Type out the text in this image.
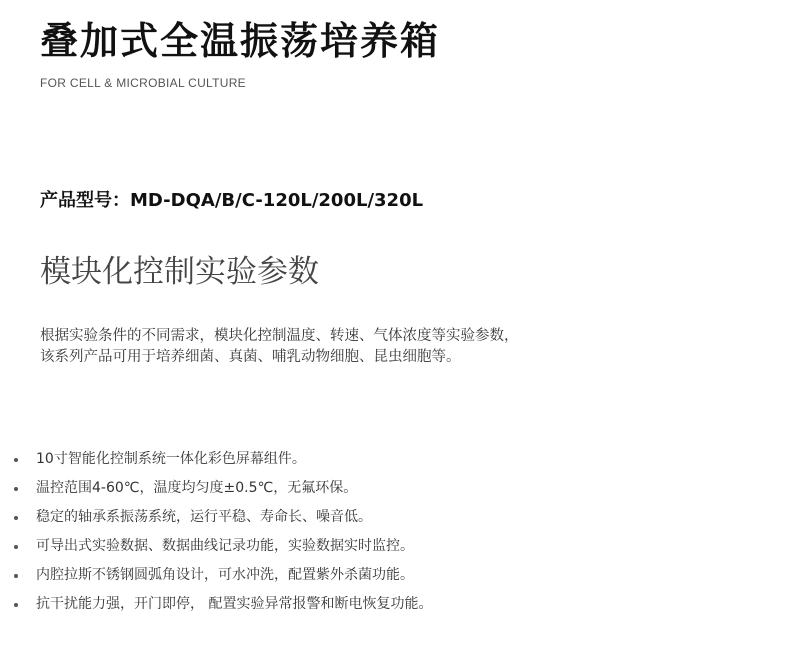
叠加式全温振荡培养箱
FOR CELL & MICROBIAL CULTURE
产品型号：MD-DQA/B/C-120L/200L/320L
模块化控制实验参数
根据实验条件的不同需求，模块化控制温度、转速、气体浓度等实验参数，该系列产品可用于培养细菌、真菌、哺乳动物细胞、昆虫细胞等。
10寸智能化控制系统一体化彩色屏幕组件。
温控范围4-60℃，温度均匀度±0.5℃，无氟环保。
稳定的轴承系振荡系统，运行平稳、寿命长、噪音低。
可导出式实验数据、数据曲线记录功能，实验数据实时监控。
内腔拉斯不锈钢圆弧角设计，可水冲洗，配置紫外杀菌功能。
抗干扰能力强，开门即停， 配置实验异常报警和断电恢复功能。
